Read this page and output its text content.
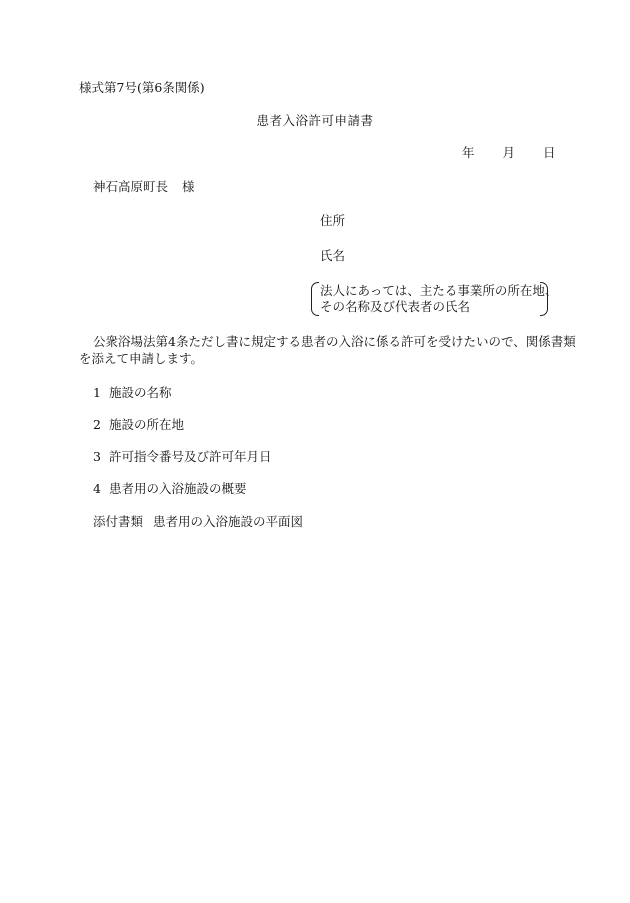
様式第7号(第6条関係)
患者入浴許可申請書
年 月 日
神石高原町長 様
住所
氏名
法人にあっては、主たる事業所の所在地、
その名称及び代表者の氏名
公衆浴場法第4条ただし書に規定する患者の入浴に係る許可を受けたいので、関係書類
を添えて申請します。
1 施設の名称
2 施設の所在地
3 許可指令番号及び許可年月日
4 患者用の入浴施設の概要
添付書類 患者用の入浴施設の平面図
